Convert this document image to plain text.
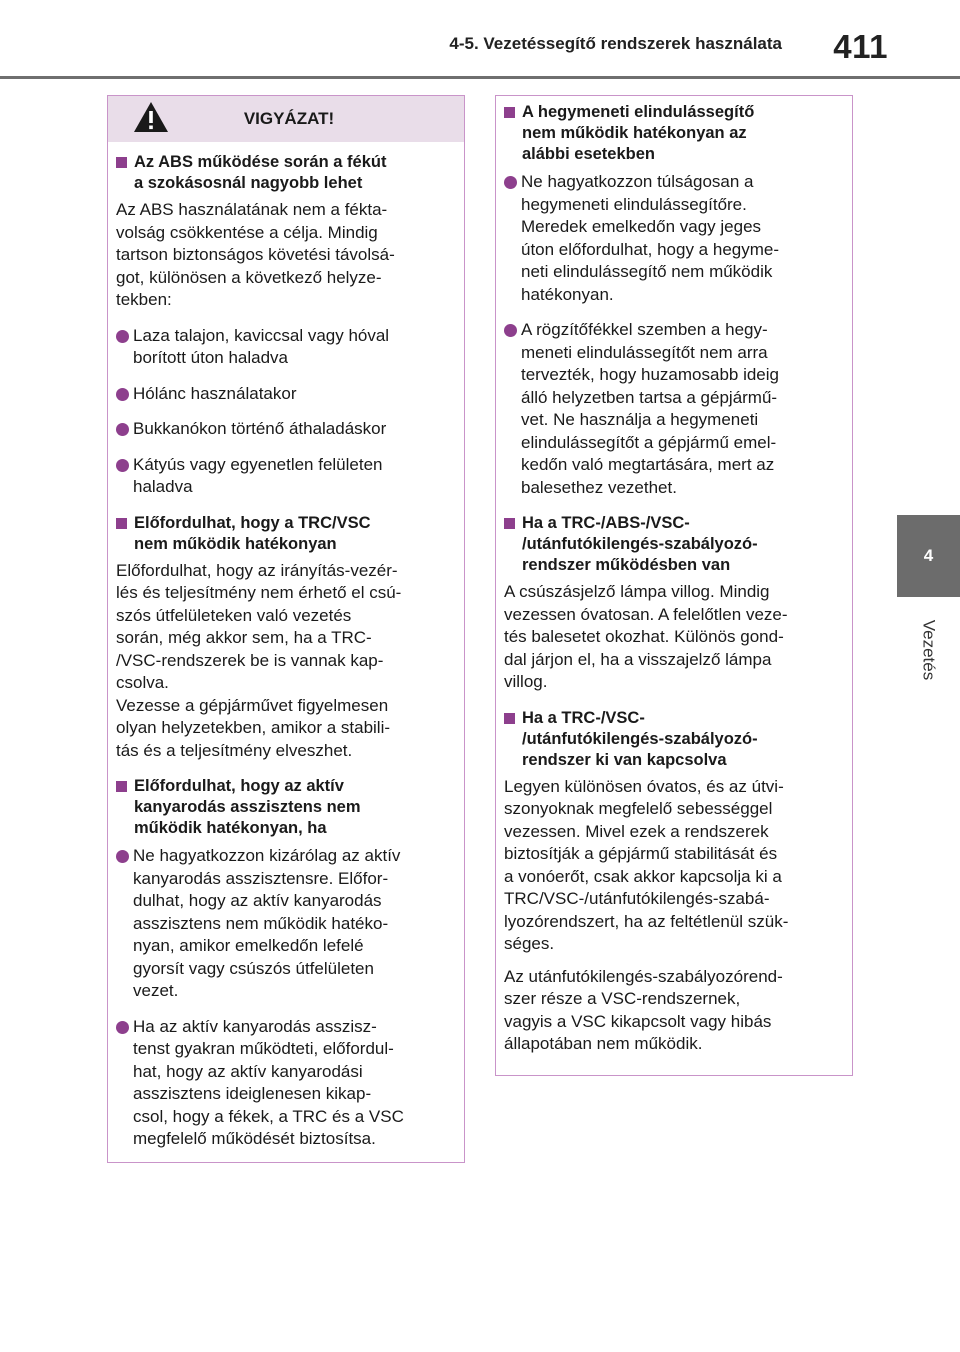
4-5. Vezetéssegítő rendszerek használata 411
4
Vezetés
VIGYÁZAT!
Az ABS működése során a fékút
a szokásosnál nagyobb lehet
Az ABS használatának nem a fékta-
volság csökkentése a célja. Mindig
tartson biztonságos követési távolsá-
got, különösen a következő helyze-
tekben:
Laza talajon, kaviccsal vagy hóval
borított úton haladva
Hólánc használatakor
Bukkanókon történő áthaladáskor
Kátyús vagy egyenetlen felületen
haladva
Előfordulhat, hogy a TRC/VSC
nem működik hatékonyan
Előfordulhat, hogy az irányítás-vezér-
lés és teljesítmény nem érhető el csú-
szós útfelületeken való vezetés
során, még akkor sem, ha a TRC-
/VSC-rendszerek be is vannak kap-
csolva.
Vezesse a gépjárművet figyelmesen
olyan helyzetekben, amikor a stabili-
tás és a teljesítmény elveszhet.
Előfordulhat, hogy az aktív
kanyarodás asszisztens nem
működik hatékonyan, ha
Ne hagyatkozzon kizárólag az aktív
kanyarodás asszisztensre. Előfor-
dulhat, hogy az aktív kanyarodás
asszisztens nem működik hatéko-
nyan, amikor emelkedőn lefelé
gyorsít vagy csúszós útfelületen
vezet.
Ha az aktív kanyarodás asszisz-
tenst gyakran működteti, előfordul-
hat, hogy az aktív kanyarodási
asszisztens ideiglenesen kikap-
csol, hogy a fékek, a TRC és a VSC
megfelelő működését biztosítsa.
A hegymeneti elindulássegítő
nem működik hatékonyan az
alábbi esetekben
Ne hagyatkozzon túlságosan a
hegymeneti elindulássegítőre.
Meredek emelkedőn vagy jeges
úton előfordulhat, hogy a hegyme-
neti elindulássegítő nem működik
hatékonyan.
A rögzítőfékkel szemben a hegy-
meneti elindulássegítőt nem arra
tervezték, hogy huzamosabb ideig
álló helyzetben tartsa a gépjármű-
vet. Ne használja a hegymeneti
elindulássegítőt a gépjármű emel-
kedőn való megtartására, mert az
balesethez vezethet.
Ha a TRC-/ABS-/VSC-
/utánfutókilengés-szabályozó-
rendszer működésben van
A csúszásjelző lámpa villog. Mindig
vezessen óvatosan. A felelőtlen veze-
tés balesetet okozhat. Különös gond-
dal járjon el, ha a visszajelző lámpa
villog.
Ha a TRC-/VSC-
/utánfutókilengés-szabályozó-
rendszer ki van kapcsolva
Legyen különösen óvatos, és az útvi-
szonyoknak megfelelő sebességgel
vezessen. Mivel ezek a rendszerek
biztosítják a gépjármű stabilitását és
a vonóerőt, csak akkor kapcsolja ki a
TRC/VSC-/utánfutókilengés-szabá-
lyozórendszert, ha az feltétlenül szük-
séges.
Az utánfutókilengés-szabályozórend-
szer része a VSC-rendszernek,
vagyis a VSC kikapcsolt vagy hibás
állapotában nem működik.
